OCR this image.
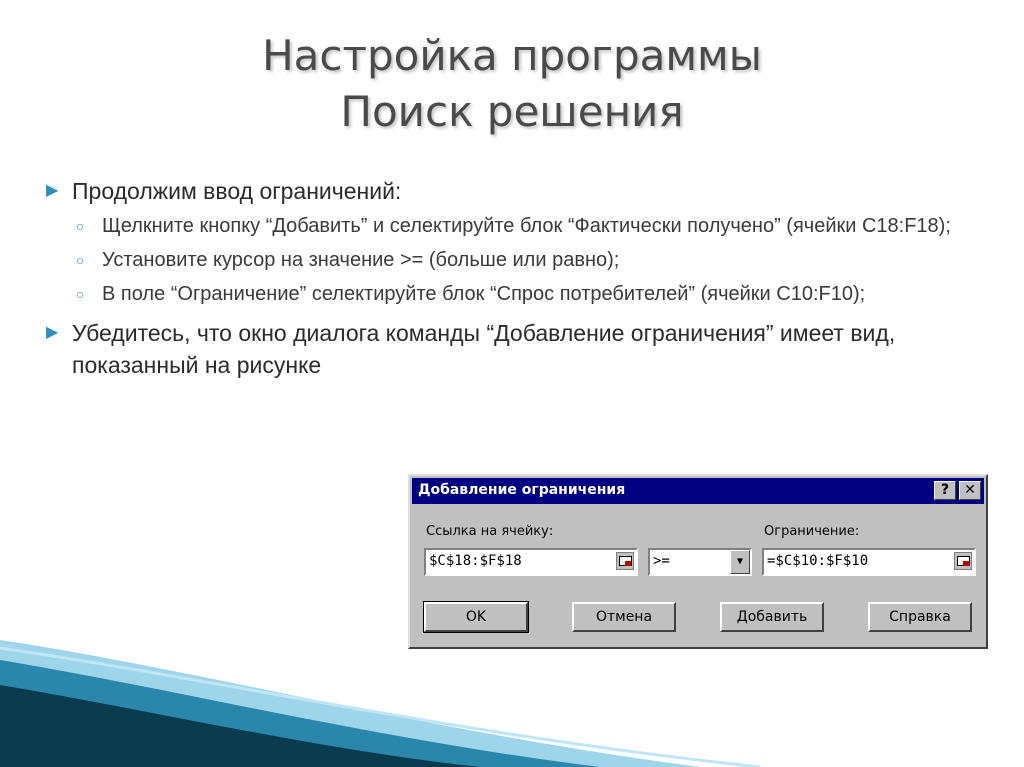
Настройка программы
Поиск решения
▶ Продолжим ввод ограничений:
○ Щелкните кнопку “Добавить” и селектируйте блок “Фактически получено” (ячейки C18:F18);
○ Установите курсор на значение >= (больше или равно);
○ В поле “Ограничение” селектируйте блок “Спрос потребителей” (ячейки C10:F10);
▶ Убедитесь, что окно диалога команды “Добавление ограничения” имеет вид, показанный на рисунке
Добавление ограничения	?	✕
Ссылка на ячейку:
$C$18:$F$18	>=	▼
Ограничение:
=$C$10:$F$10
OK	Отмена	Добавить	Справка
